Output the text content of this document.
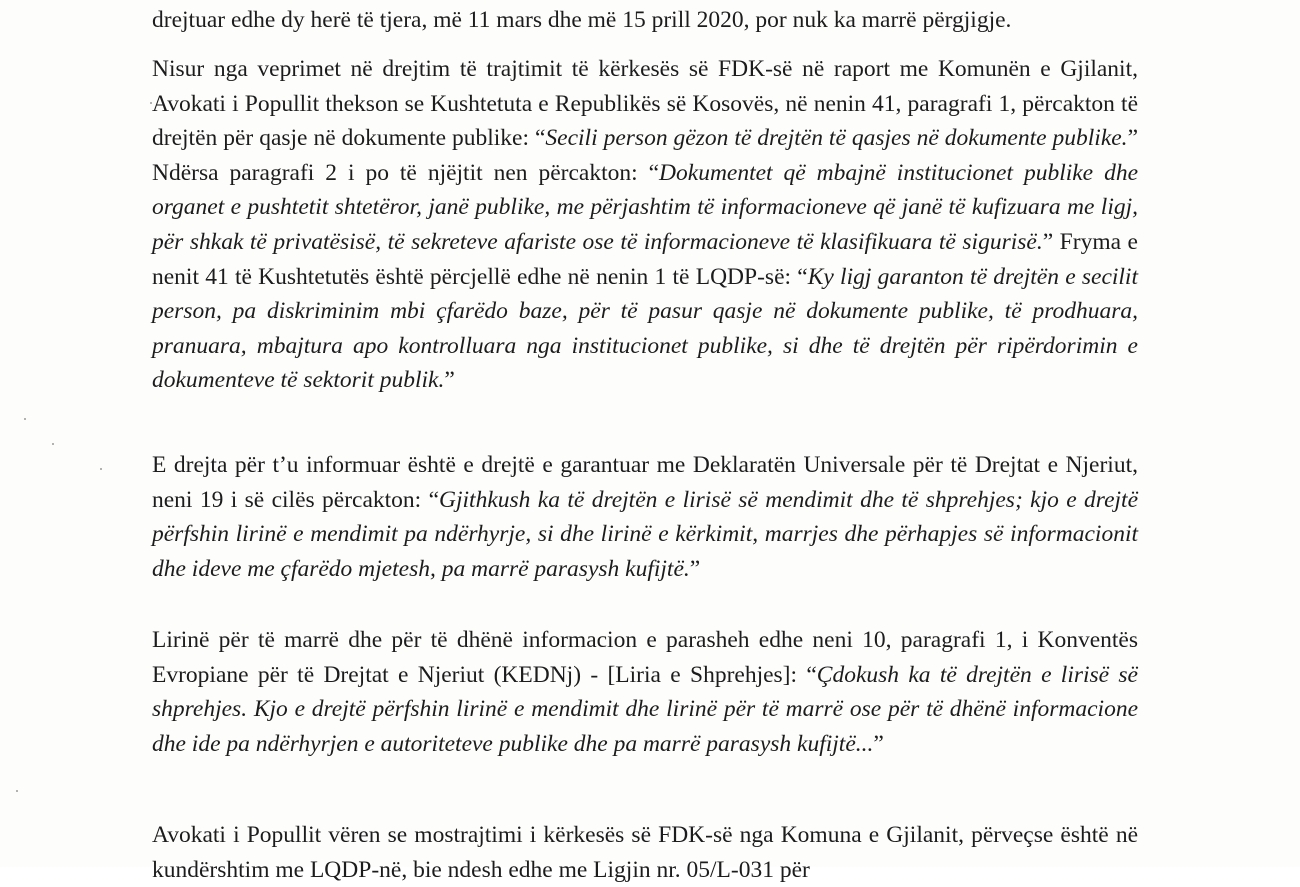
drejtuar edhe dy herë të tjera, më 11 mars dhe më 15 prill 2020, por nuk ka marrë përgjigje.

Nisur nga veprimet në drejtim të trajtimit të kërkesës së FDK-së në raport me Komunën e Gjilanit, Avokati i Popullit thekson se Kushtetuta e Republikës së Kosovës, në nenin 41, paragrafi 1, përcakton të drejtën për qasje në dokumente publike: “Secili person gëzon të drejtën të qasjes në dokumente publike.” Ndërsa paragrafi 2 i po të njëjtit nen përcakton: “Dokumentet që mbajnë institucionet publike dhe organet e pushtetit shtetëror, janë publike, me përjashtim të informacioneve që janë të kufizuara me ligj, për shkak të privatësisë, të sekreteve afariste ose të informacioneve të klasifikuara të sigurisë.” Fryma e nenit 41 të Kushtetutës është përcjellë edhe në nenin 1 të LQDP-së: “Ky ligj garanton të drejtën e secilit person, pa diskriminim mbi çfarëdo baze, për të pasur qasje në dokumente publike, të prodhuara, pranuara, mbajtura apo kontrolluara nga institucionet publike, si dhe të drejtën për ripërdorimin e dokumenteve të sektorit publik.”

E drejta për t’u informuar është e drejtë e garantuar me Deklaratën Universale për të Drejtat e Njeriut, neni 19 i së cilës përcakton: “Gjithkush ka të drejtën e lirisë së mendimit dhe të shprehjes; kjo e drejtë përfshin lirinë e mendimit pa ndërhyrje, si dhe lirinë e kërkimit, marrjes dhe përhapjes së informacionit dhe ideve me çfarëdo mjetesh, pa marrë parasysh kufijtë.”

Lirinë për të marrë dhe për të dhënë informacion e parasheh edhe neni 10, paragrafi 1, i Konventës Evropiane për të Drejtat e Njeriut (KEDNj) - [Liria e Shprehjes]: “Çdokush ka të drejtën e lirisë së shprehjes. Kjo e drejtë përfshin lirinë e mendimit dhe lirinë për të marrë ose për të dhënë informacione dhe ide pa ndërhyrjen e autoriteteve publike dhe pa marrë parasysh kufijtë...”

Avokati i Popullit vëren se mostrajtimi i kërkesës së FDK-së nga Komuna e Gjilanit, përveçse është në kundërshtim me LQDP-në, bie ndesh edhe me Ligjin nr. 05/L-031 për
